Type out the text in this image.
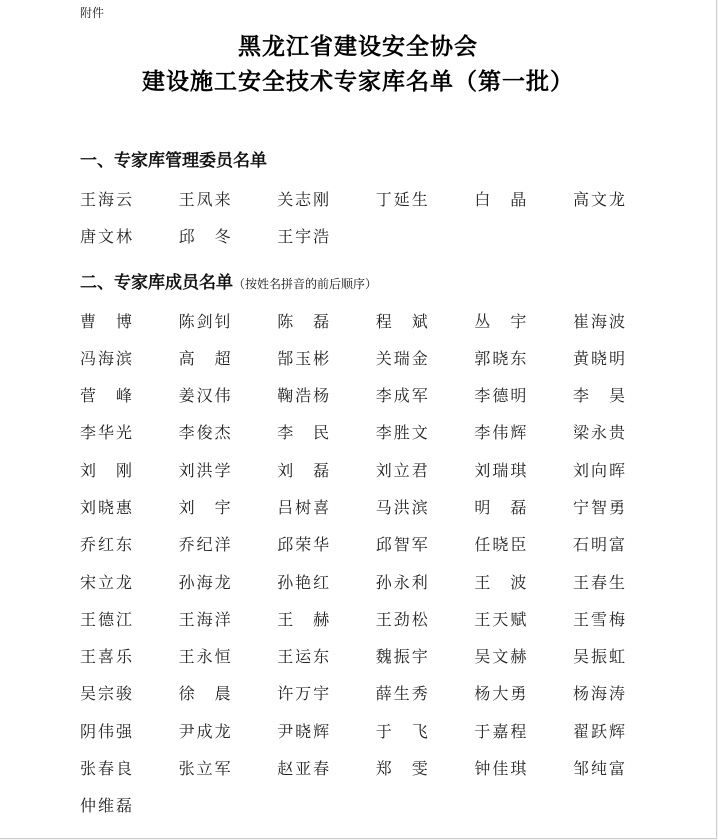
附件
黑龙江省建设安全协会
建设施工安全技术专家库名单（第一批）
一、专家库管理委员名单
王 海 云	王 凤 来	关 志 刚	丁 延 生	白 晶	高 文 龙
唐 文 林	邱 冬	王 宇 浩
二、专家库成员名单（按姓名拼音的前后顺序）
曹 博	陈 剑 钊	陈 磊	程 斌	丛 宇	崔 海 波
冯 海 滨	高 超	郜 玉 彬	关 瑞 金	郭 晓 东	黄 晓 明
菅 峰	姜 汉 伟	鞠 浩 杨	李 成 军	李 德 明	李 昊
李 华 光	李 俊 杰	李 民	李 胜 文	李 伟 辉	梁 永 贵
刘 刚	刘 洪 学	刘 磊	刘 立 君	刘 瑞 琪	刘 向 晖
刘 晓 惠	刘 宇	吕 树 喜	马 洪 滨	明 磊	宁 智 勇
乔 红 东	乔 纪 洋	邱 荣 华	邱 智 军	任 晓 臣	石 明 富
宋 立 龙	孙 海 龙	孙 艳 红	孙 永 利	王 波	王 春 生
王 德 江	王 海 洋	王 赫	王 劲 松	王 天 赋	王 雪 梅
王 喜 乐	王 永 恒	王 运 东	魏 振 宇	吴 文 赫	吴 振 虹
吴 宗 骏	徐 晨	许 万 宇	薛 生 秀	杨 大 勇	杨 海 涛
阴 伟 强	尹 成 龙	尹 晓 辉	于 飞	于 嘉 程	翟 跃 辉
张 春 良	张 立 军	赵 亚 春	郑 雯	钟 佳 琪	邹 纯 富
仲 维 磊
